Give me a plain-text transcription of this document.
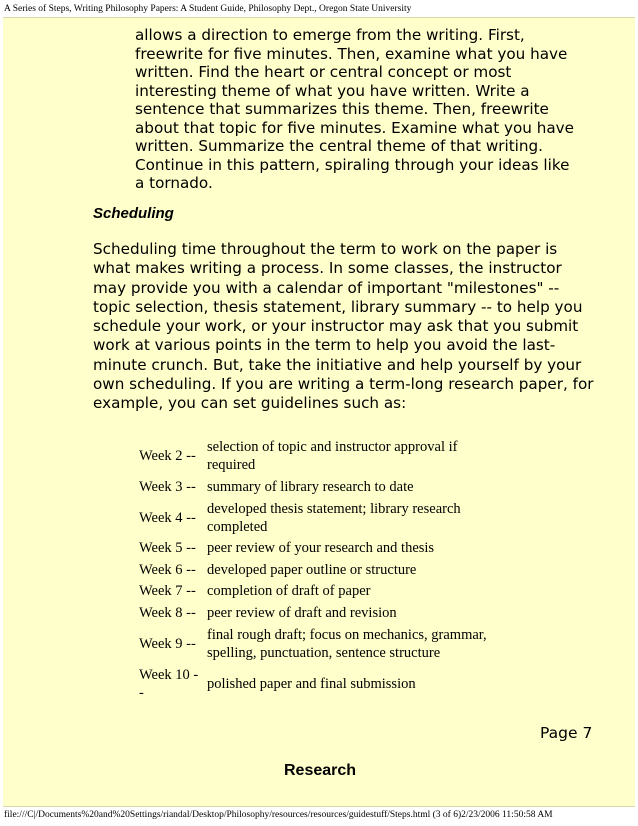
A Series of Steps, Writing Philosophy Papers: A Student Guide, Philosophy Dept., Oregon State University

allows a direction to emerge from the writing. First, freewrite for five minutes. Then, examine what you have written. Find the heart or central concept or most interesting theme of what you have written. Write a sentence that summarizes this theme. Then, freewrite about that topic for five minutes. Examine what you have written. Summarize the central theme of that writing. Continue in this pattern, spiraling through your ideas like a tornado.

Scheduling

Scheduling time throughout the term to work on the paper is what makes writing a process. In some classes, the instructor may provide you with a calendar of important "milestones" -- topic selection, thesis statement, library summary -- to help you schedule your work, or your instructor may ask that you submit work at various points in the term to help you avoid the last-minute crunch. But, take the initiative and help yourself by your own scheduling. If you are writing a term-long research paper, for example, you can set guidelines such as:

Week 2 --	selection of topic and instructor approval if required
Week 3 --	summary of library research to date
Week 4 --	developed thesis statement; library research completed
Week 5 --	peer review of your research and thesis
Week 6 --	developed paper outline or structure
Week 7 --	completion of draft of paper
Week 8 --	peer review of draft and revision
Week 9 --	final rough draft; focus on mechanics, grammar, spelling, punctuation, sentence structure
Week 10 --	polished paper and final submission
Page 7
Research
file:///C|/Documents%20and%20Settings/riandal/Desktop/Philosophy/resources/resources/guidestuff/Steps.html (3 of 6)2/23/2006 11:50:58 AM
